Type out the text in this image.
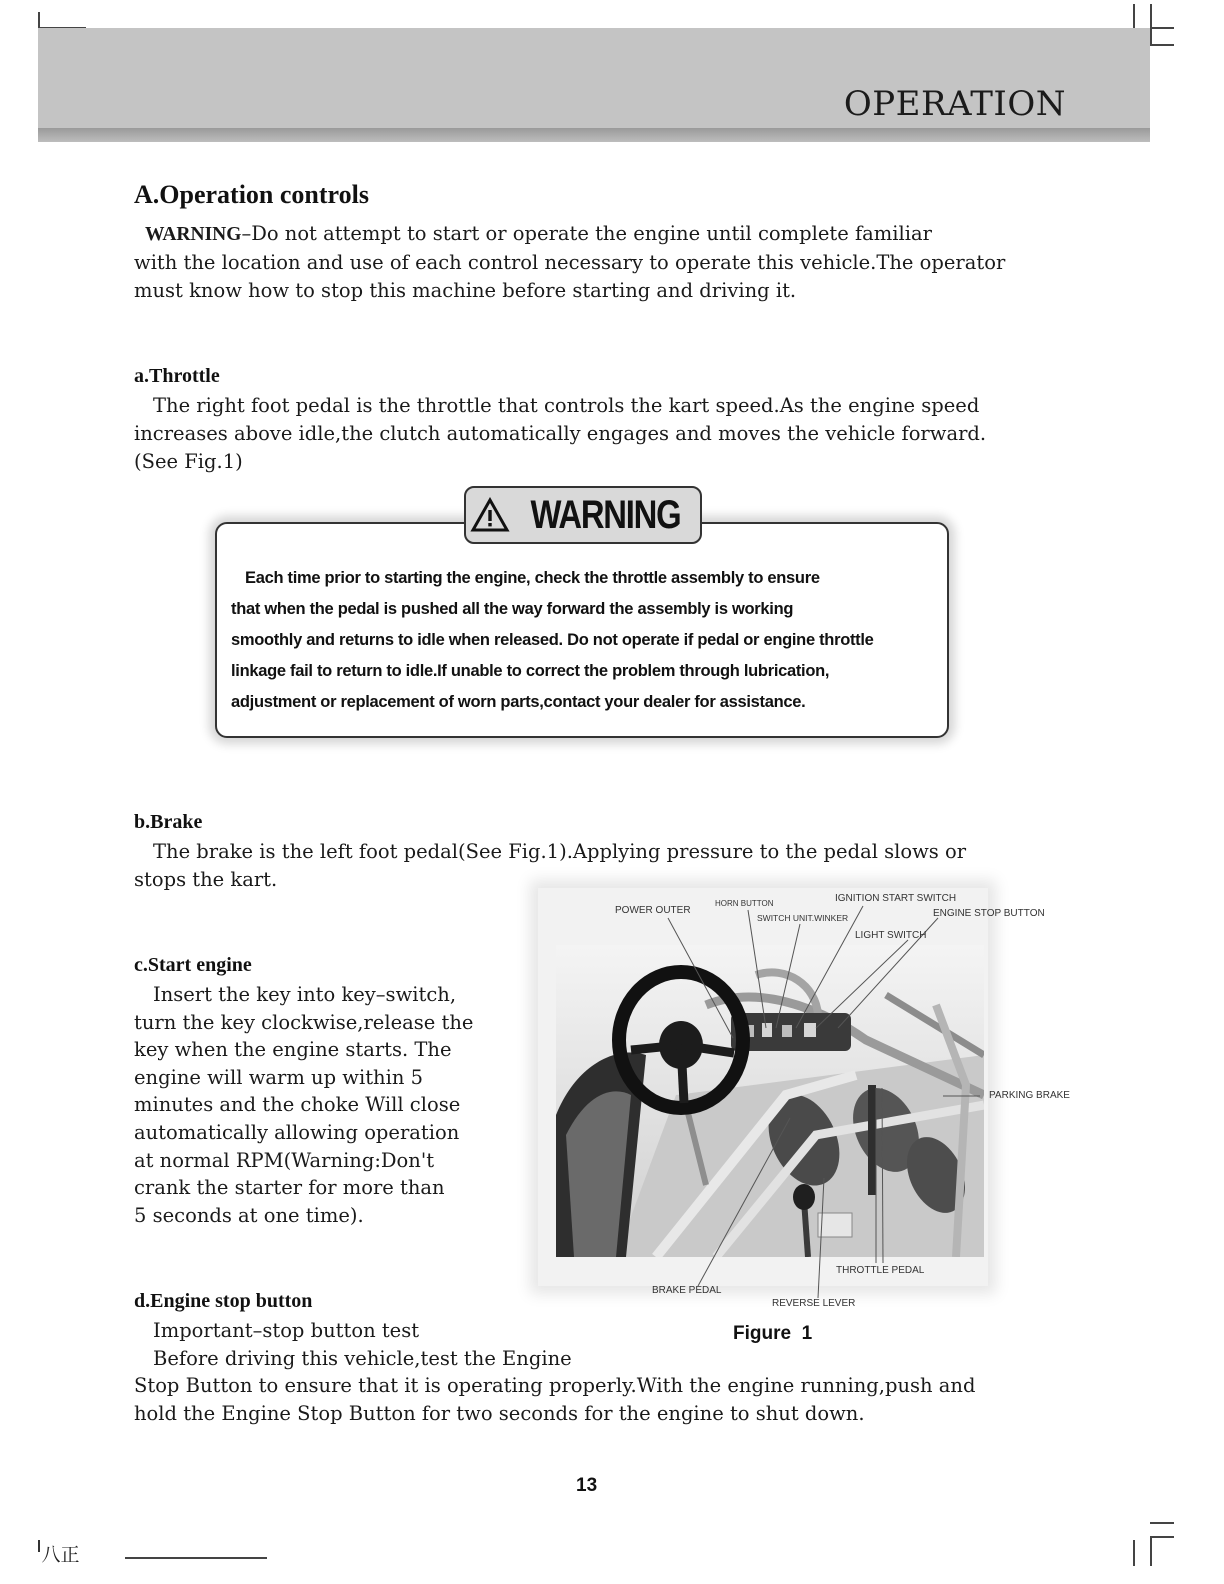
OPERATION
A.Operation controls
WARNING–Do not attempt to start or operate the engine until complete familiar
with the location and use of each control necessary to operate this vehicle.The operator
must know how to stop this machine before starting and driving it.
a.Throttle
The right foot pedal is the throttle that controls the kart speed.As the engine speed
increases above idle,the clutch automatically engages and moves the vehicle forward.
(See Fig.1)
WARNING
Each time prior to starting the engine, check the throttle assembly to ensure
that when the pedal is pushed all the way forward the assembly is working
smoothly and returns to idle when released. Do not operate if pedal or engine throttle
linkage fail to return to idle.If unable to correct the problem through lubrication,
adjustment or replacement of worn parts,contact your dealer for assistance.
b.Brake
The brake is the left foot pedal(See Fig.1).Applying pressure to the pedal slows or
stops the kart.
c.Start engine
Insert the key into key–switch,
turn the key clockwise,release the
key when the engine starts. The
engine will warm up within 5
minutes and the choke Will close
automatically allowing operation
at normal RPM(Warning:Don't
crank the starter for more than
5 seconds at one time).
POWER OUTER
HORN BUTTON
SWITCH UNIT.WINKER
IGNITION START SWITCH
ENGINE STOP BUTTON
LIGHT SWITCH
PARKING BRAKE
THROTTLE PEDAL
BRAKE PEDAL
REVERSE LEVER
Figure  1
d.Engine stop button
Important–stop button test
Before driving this vehicle,test the Engine
Stop Button to ensure that it is operating properly.With the engine running,push and
hold the Engine Stop Button for two seconds for the engine to shut down.
13
八正
